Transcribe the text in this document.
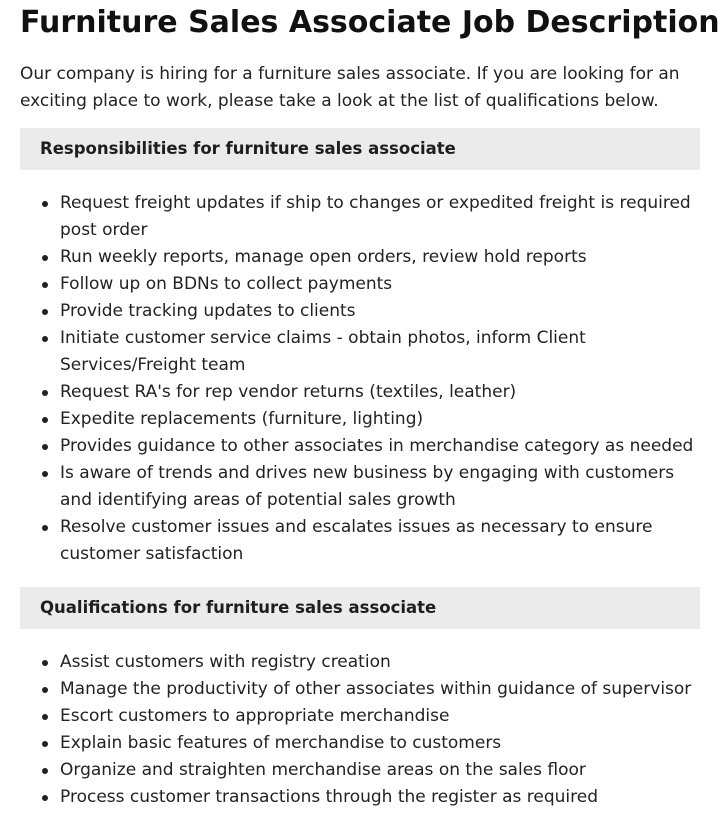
Furniture Sales Associate Job Description

Our company is hiring for a furniture sales associate. If you are looking for an exciting place to work, please take a look at the list of qualifications below.

Responsibilities for furniture sales associate
Request freight updates if ship to changes or expedited freight is required post order
Run weekly reports, manage open orders, review hold reports
Follow up on BDNs to collect payments
Provide tracking updates to clients
Initiate customer service claims - obtain photos, inform Client Services/Freight team
Request RA's for rep vendor returns (textiles, leather)
Expedite replacements (furniture, lighting)
Provides guidance to other associates in merchandise category as needed
Is aware of trends and drives new business by engaging with customers and identifying areas of potential sales growth
Resolve customer issues and escalates issues as necessary to ensure customer satisfaction
Qualifications for furniture sales associate
Assist customers with registry creation
Manage the productivity of other associates within guidance of supervisor
Escort customers to appropriate merchandise
Explain basic features of merchandise to customers
Organize and straighten merchandise areas on the sales floor
Process customer transactions through the register as required
